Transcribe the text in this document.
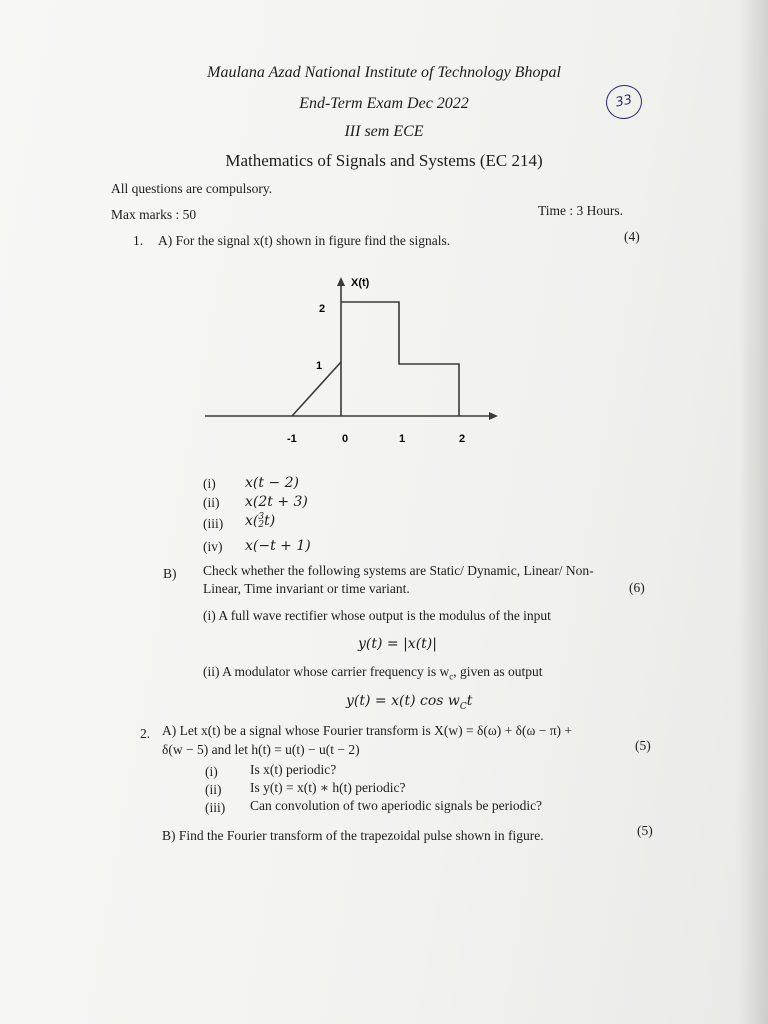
Maulana Azad National Institute of Technology Bhopal
End-Term Exam Dec 2022
III sem ECE
Mathematics of Signals and Systems (EC 214)
33
All questions are compulsory.
Max marks : 50	Time : 3 Hours.
1. A) For the signal x(t) shown in figure find the signals.	(4)
X(t)
2
1
-1	0	1	2
(i) x(t − 2)
(ii) x(2t + 3)
(iii) x(3
2t)
(iv) x(−t + 1)
B) Check whether the following systems are Static/ Dynamic, Linear/ Non-
Linear, Time invariant or time variant.	(6)
(i) A full wave rectifier whose output is the modulus of the input
y(t) = |x(t)|
(ii) A modulator whose carrier frequency is $w_c$, given as output
y(t) = x(t) $\cos w_Ct$
2. A) Let x(t) be a signal whose Fourier transform is X(w) = δ(ω) + δ(ω − π) +
δ(w − 5) and let h(t) = u(t) − u(t − 2)	(5)
(i) Is x(t) periodic?
(ii) Is y(t) = x(t) ∗ h(t) periodic?
(iii) Can convolution of two aperiodic signals be periodic?
B) Find the Fourier transform of the trapezoidal pulse shown in figure.	(5)
